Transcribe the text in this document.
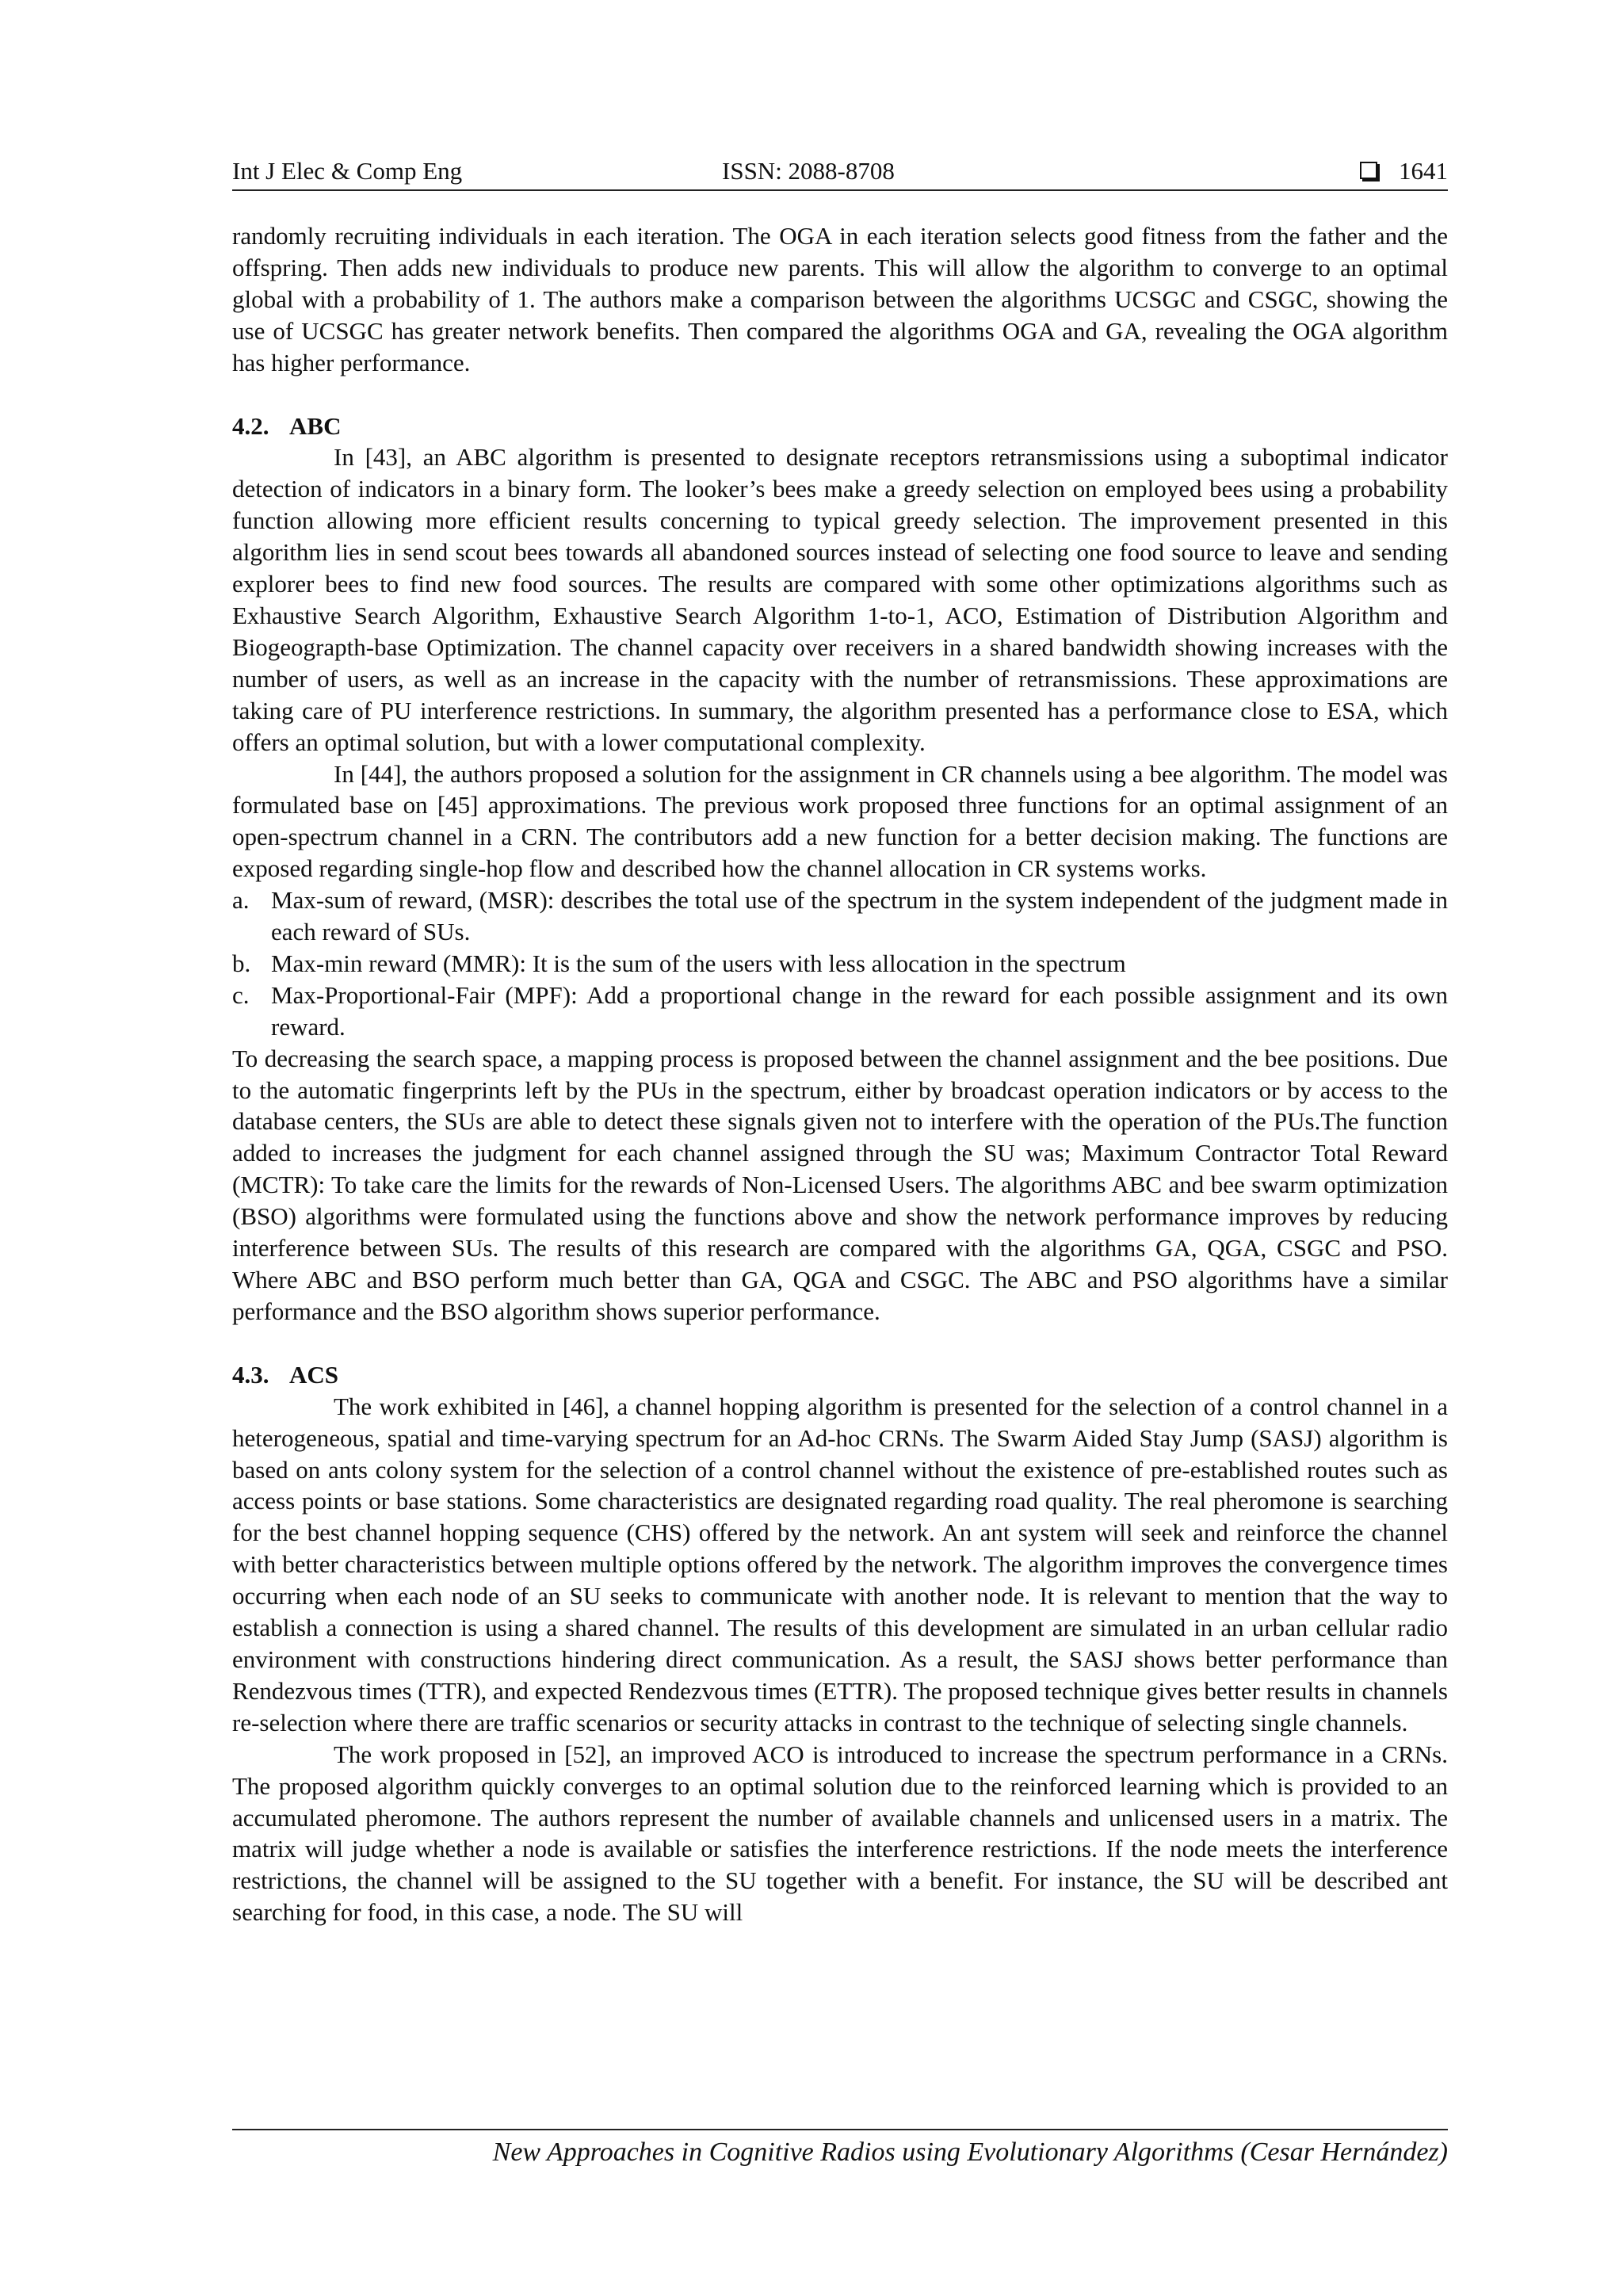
Int J Elec & Comp Eng	ISSN: 2088-8708	1641

randomly recruiting individuals in each iteration. The OGA in each iteration selects good fitness from the father and the offspring. Then adds new individuals to produce new parents. This will allow the algorithm to converge to an optimal global with a probability of 1. The authors make a comparison between the algorithms UCSGC and CSGC, showing the use of UCSGC has greater network benefits. Then compared the algorithms OGA and GA, revealing the OGA algorithm has higher performance.

4.2. ABC

In [43], an ABC algorithm is presented to designate receptors retransmissions using a suboptimal indicator detection of indicators in a binary form. The looker’s bees make a greedy selection on employed bees using a probability function allowing more efficient results concerning to typical greedy selection. The improvement presented in this algorithm lies in send scout bees towards all abandoned sources instead of selecting one food source to leave and sending explorer bees to find new food sources. The results are compared with some other optimizations algorithms such as Exhaustive Search Algorithm, Exhaustive Search Algorithm 1-to-1, ACO, Estimation of Distribution Algorithm and Biogeograpth-base Optimization. The channel capacity over receivers in a shared bandwidth showing increases with the number of users, as well as an increase in the capacity with the number of retransmissions. These approximations are taking care of PU interference restrictions. In summary, the algorithm presented has a performance close to ESA, which offers an optimal solution, but with a lower computational complexity.

In [44], the authors proposed a solution for the assignment in CR channels using a bee algorithm. The model was formulated base on [45] approximations. The previous work proposed three functions for an optimal assignment of an open-spectrum channel in a CRN. The contributors add a new function for a better decision making. The functions are exposed regarding single-hop flow and described how the channel allocation in CR systems works.

a. Max-sum of reward, (MSR): describes the total use of the spectrum in the system independent of the judgment made in each reward of SUs.
b. Max-min reward (MMR): It is the sum of the users with less allocation in the spectrum
c. Max-Proportional-Fair (MPF): Add a proportional change in the reward for each possible assignment and its own reward.

To decreasing the search space, a mapping process is proposed between the channel assignment and the bee positions. Due to the automatic fingerprints left by the PUs in the spectrum, either by broadcast operation indicators or by access to the database centers, the SUs are able to detect these signals given not to interfere with the operation of the PUs.The function added to increases the judgment for each channel assigned through the SU was; Maximum Contractor Total Reward (MCTR): To take care the limits for the rewards of Non-Licensed Users. The algorithms ABC and bee swarm optimization (BSO) algorithms were formulated using the functions above and show the network performance improves by reducing interference between SUs. The results of this research are compared with the algorithms GA, QGA, CSGC and PSO. Where ABC and BSO perform much better than GA, QGA and CSGC. The ABC and PSO algorithms have a similar performance and the BSO algorithm shows superior performance.

4.3. ACS

The work exhibited in [46], a channel hopping algorithm is presented for the selection of a control channel in a heterogeneous, spatial and time-varying spectrum for an Ad-hoc CRNs. The Swarm Aided Stay Jump (SASJ) algorithm is based on ants colony system for the selection of a control channel without the existence of pre-established routes such as access points or base stations. Some characteristics are designated regarding road quality. The real pheromone is searching for the best channel hopping sequence (CHS) offered by the network. An ant system will seek and reinforce the channel with better characteristics between multiple options offered by the network. The algorithm improves the convergence times occurring when each node of an SU seeks to communicate with another node. It is relevant to mention that the way to establish a connection is using a shared channel. The results of this development are simulated in an urban cellular radio environment with constructions hindering direct communication. As a result, the SASJ shows better performance than Rendezvous times (TTR), and expected Rendezvous times (ETTR). The proposed technique gives better results in channels re-selection where there are traffic scenarios or security attacks in contrast to the technique of selecting single channels.

The work proposed in [52], an improved ACO is introduced to increase the spectrum performance in a CRNs. The proposed algorithm quickly converges to an optimal solution due to the reinforced learning which is provided to an accumulated pheromone. The authors represent the number of available channels and unlicensed users in a matrix. The matrix will judge whether a node is available or satisfies the interference restrictions. If the node meets the interference restrictions, the channel will be assigned to the SU together with a benefit. For instance, the SU will be described ant searching for food, in this case, a node. The SU will

New Approaches in Cognitive Radios using Evolutionary Algorithms (Cesar Hernández)
